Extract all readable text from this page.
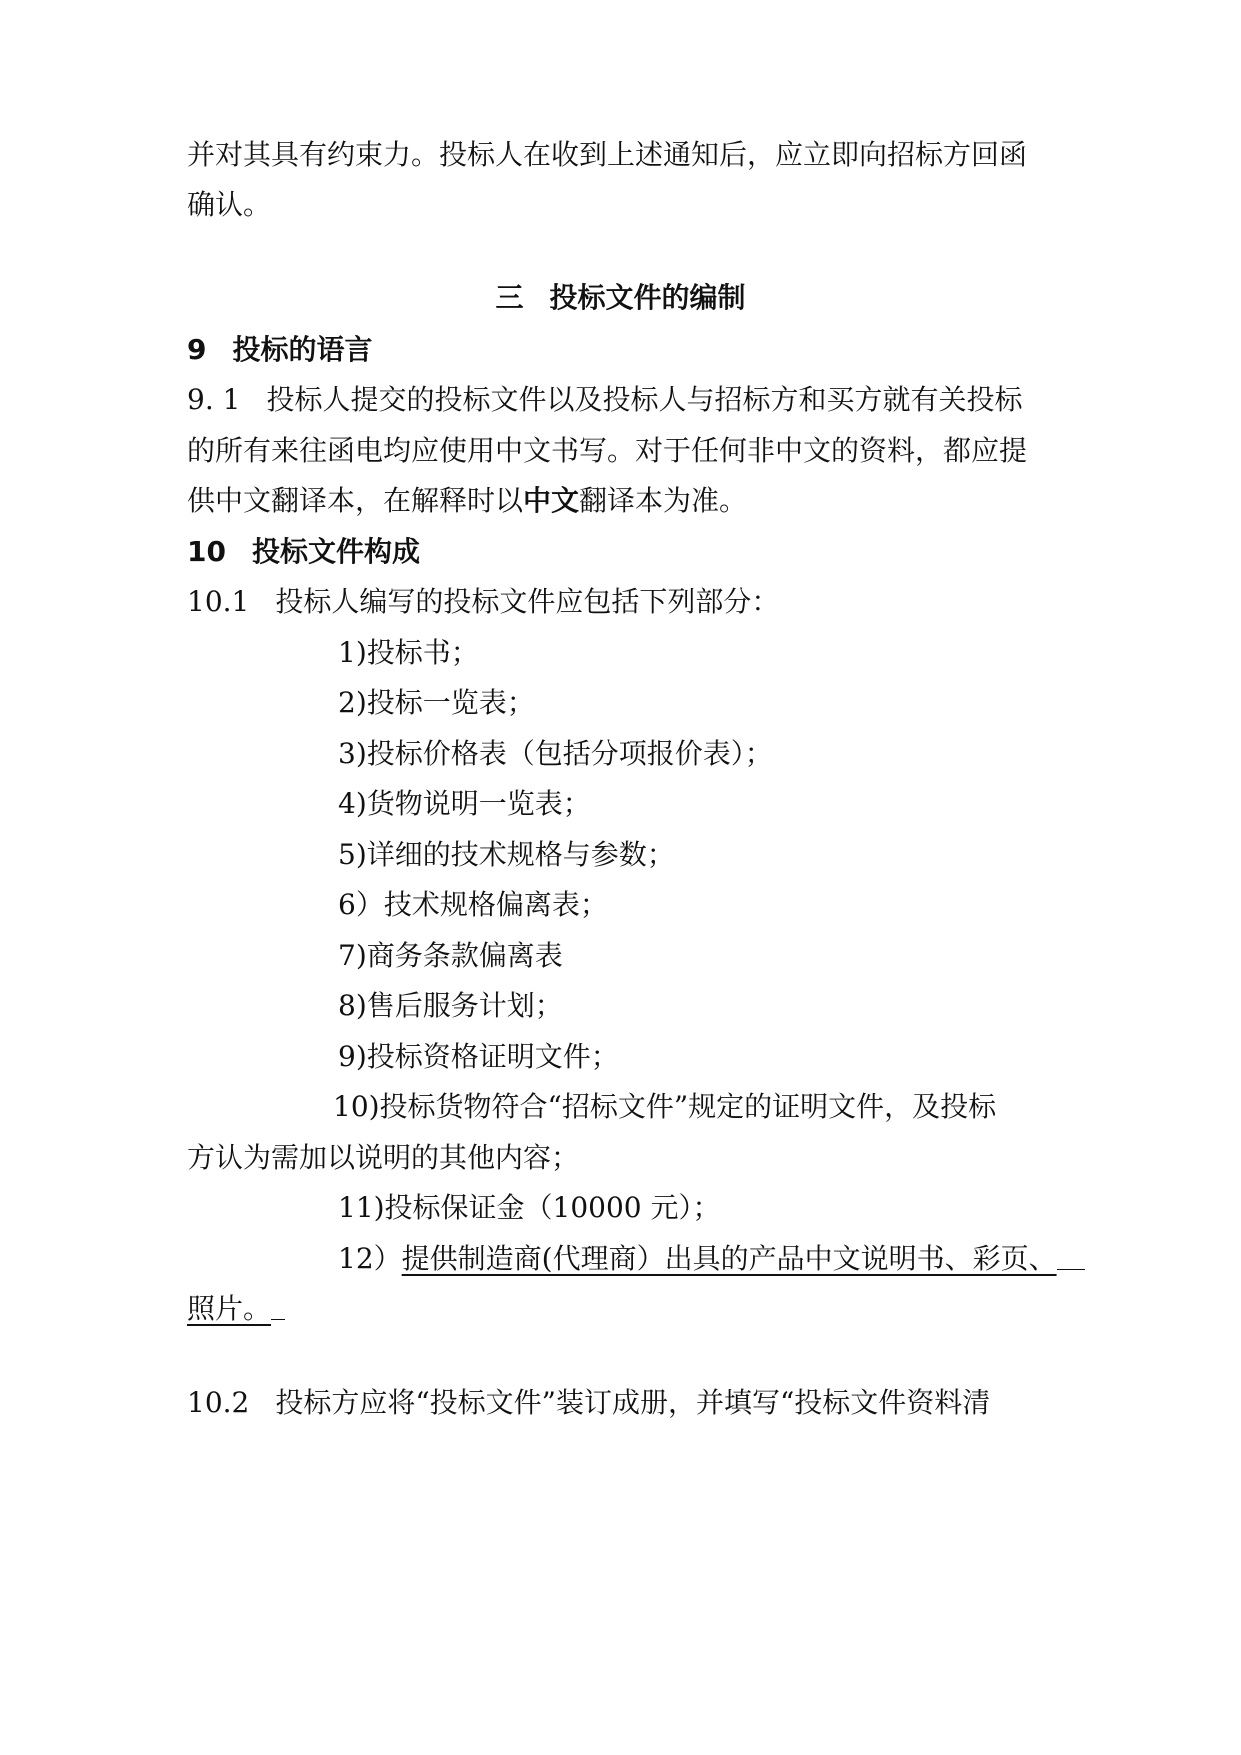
并对其具有约束力。投标人在收到上述通知后，应立即向招标方回函

确认。

三 投标文件的编制

9 投标的语言

9. 1 投标人提交的投标文件以及投标人与招标方和买方就有关投标

的所有来往函电均应使用中文书写。对于任何非中文的资料，都应提

供中文翻译本，在解释时以中文翻译本为准。

10 投标文件构成

10.1 投标人编写的投标文件应包括下列部分：

1)投标书；

2)投标一览表；

3)投标价格表（包括分项报价表）；

4)货物说明一览表；

5)详细的技术规格与参数；

6）技术规格偏离表；

7)商务条款偏离表

8)售后服务计划；

9)投标资格证明文件；

10)投标货物符合“招标文件”规定的证明文件，及投标

方认为需加以说明的其他内容；

11)投标保证金（10000 元）；

12）提供制造商(代理商）出具的产品中文说明书、彩页、

照片。

10.2 投标方应将“投标文件”装订成册，并填写“投标文件资料清
